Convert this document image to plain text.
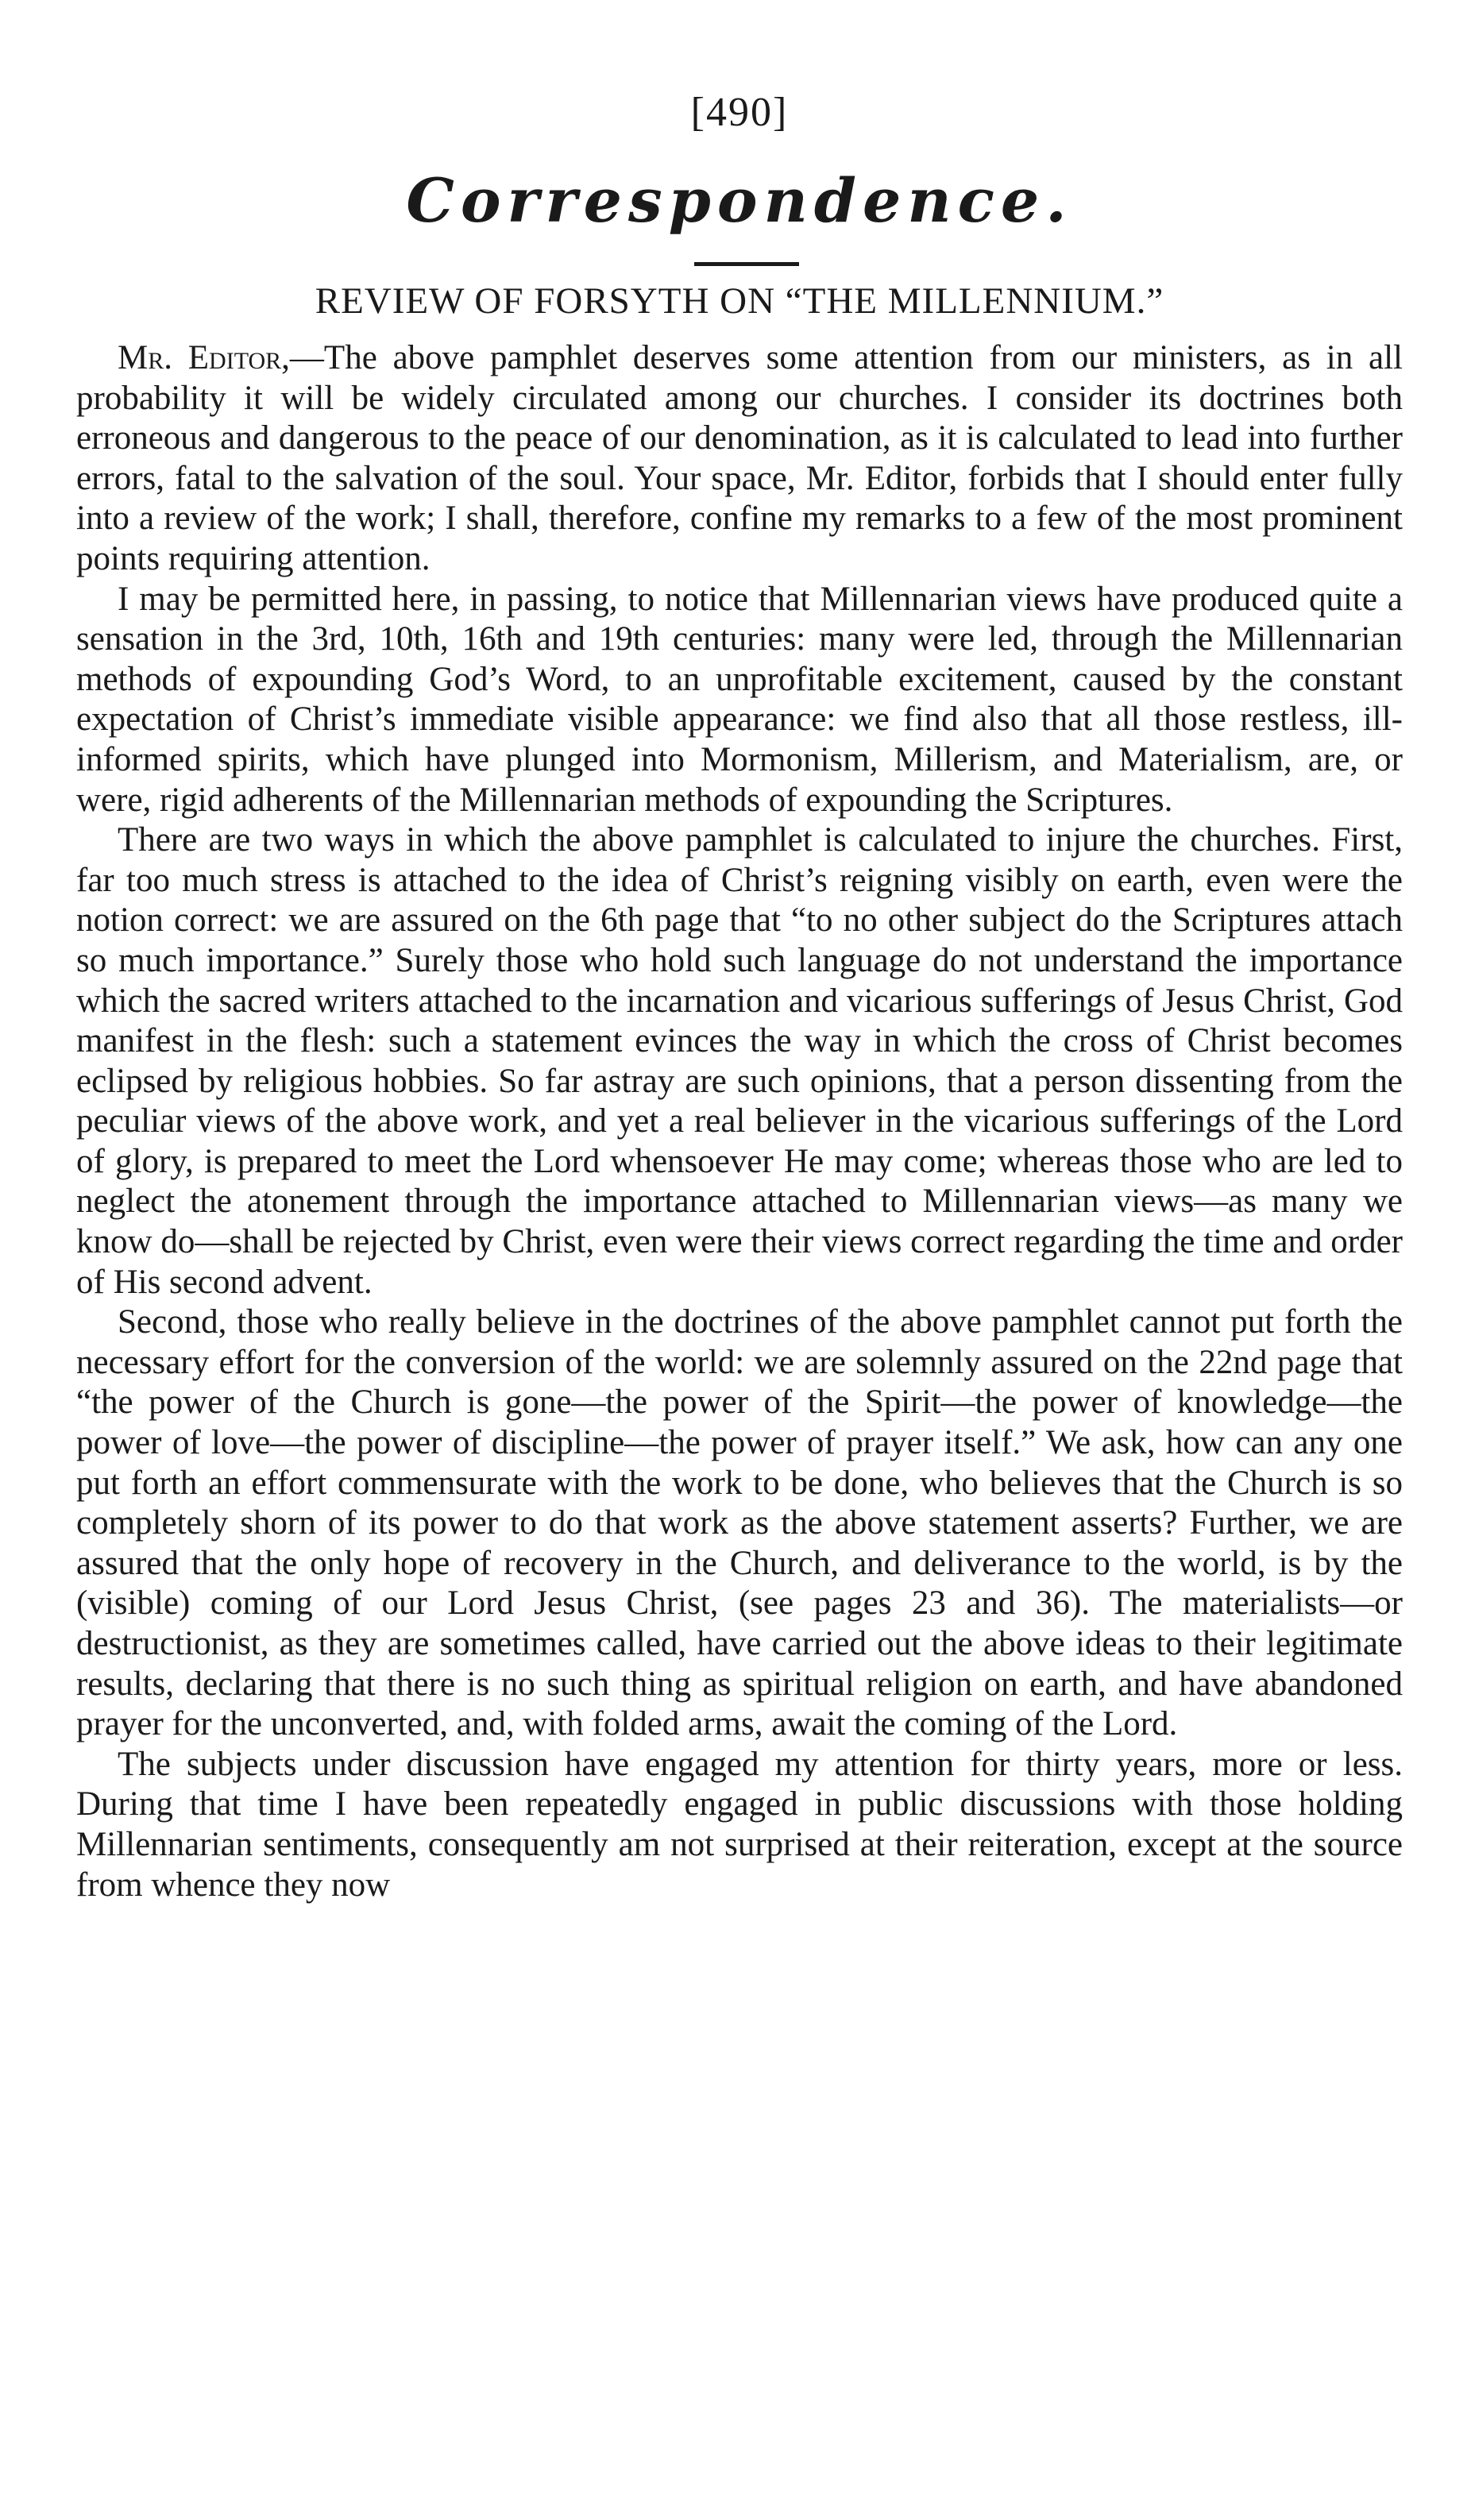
[490]
Correspondence.
REVIEW OF FORSYTH ON “THE MILLENNIUM.”

Mr. Editor,—The above pamphlet deserves some attention from our ministers, as in all probability it will be widely circulated among our churches. I consider its doctrines both erroneous and dangerous to the peace of our denomination, as it is calculated to lead into further errors, fatal to the salvation of the soul. Your space, Mr. Editor, forbids that I should enter fully into a review of the work; I shall, therefore, confine my remarks to a few of the most prominent points requiring attention.

I may be permitted here, in passing, to notice that Millennarian views have produced quite a sensation in the 3rd, 10th, 16th and 19th centuries: many were led, through the Millennarian methods of expounding God’s Word, to an unprofitable excitement, caused by the constant expectation of Christ’s immediate visible appearance: we find also that all those restless, ill-informed spirits, which have plunged into Mormonism, Millerism, and Materialism, are, or were, rigid adherents of the Millennarian methods of expounding the Scriptures.

There are two ways in which the above pamphlet is calculated to injure the churches. First, far too much stress is attached to the idea of Christ’s reigning visibly on earth, even were the notion correct: we are assured on the 6th page that “to no other subject do the Scriptures attach so much importance.” Surely those who hold such language do not understand the importance which the sacred writers attached to the incarnation and vicarious sufferings of Jesus Christ, God manifest in the flesh: such a statement evinces the way in which the cross of Christ becomes eclipsed by religious hobbies. So far astray are such opinions, that a person dissenting from the peculiar views of the above work, and yet a real believer in the vicarious sufferings of the Lord of glory, is prepared to meet the Lord whensoever He may come; whereas those who are led to neglect the atonement through the importance attached to Millennarian views—as many we know do—shall be rejected by Christ, even were their views correct regarding the time and order of His second advent.

Second, those who really believe in the doctrines of the above pamphlet cannot put forth the necessary effort for the conversion of the world: we are solemnly assured on the 22nd page that “the power of the Church is gone—the power of the Spirit—the power of knowledge—the power of love—the power of discipline—the power of prayer itself.” We ask, how can any one put forth an effort commensurate with the work to be done, who believes that the Church is so completely shorn of its power to do that work as the above statement asserts? Further, we are assured that the only hope of recovery in the Church, and deliverance to the world, is by the (visible) coming of our Lord Jesus Christ, (see pages 23 and 36). The materialists—or destructionist, as they are sometimes called, have carried out the above ideas to their legitimate results, declaring that there is no such thing as spiritual religion on earth, and have abandoned prayer for the unconverted, and, with folded arms, await the coming of the Lord.

The subjects under discussion have engaged my attention for thirty years, more or less. During that time I have been repeatedly engaged in public discussions with those holding Millennarian sentiments, consequently am not surprised at their reiteration, except at the source from whence they now
